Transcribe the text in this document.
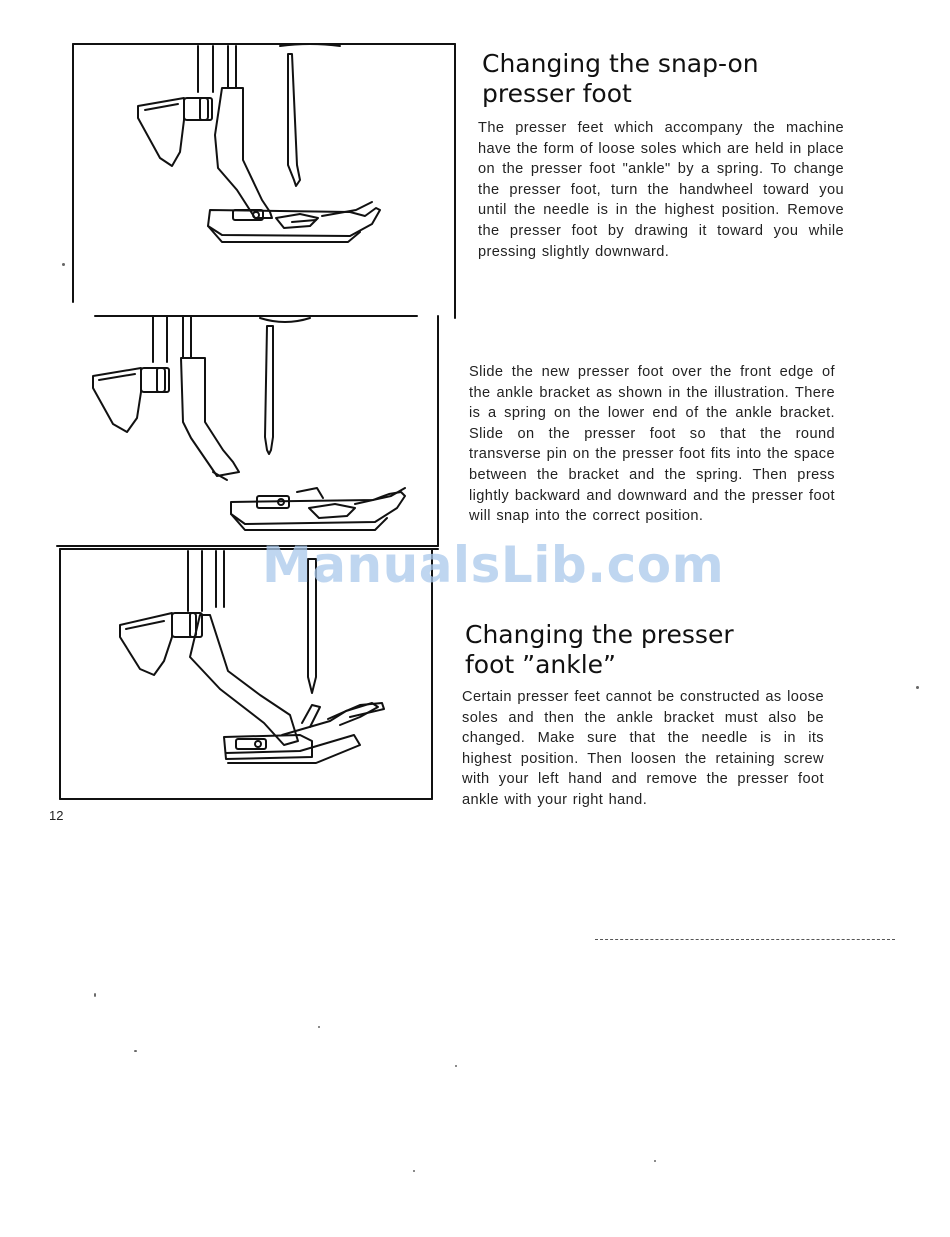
Changing the snap-on
presser foot

The presser feet which accompany the machine have the form of loose soles which are held in place on the presser foot "ankle" by a spring. To change the presser foot, turn the handwheel toward you until the needle is in the highest position. Remove the presser foot by drawing it toward you while pressing slightly downward.

Slide the new presser foot over the front edge of the ankle bracket as shown in the illustration. There is a spring on the lower end of the ankle bracket. Slide on the presser foot so that the round transverse pin on the presser foot fits into the space between the bracket and the spring. Then press lightly backward and downward and the presser foot will snap into the correct position.

Changing the presser
foot ”ankle”

Certain presser feet cannot be constructed as loose soles and then the ankle bracket must also be changed. Make sure that the needle is in its highest position. Then loosen the retaining screw with your left hand and remove the presser foot ankle with your right hand.

12
ManualsLib.com
